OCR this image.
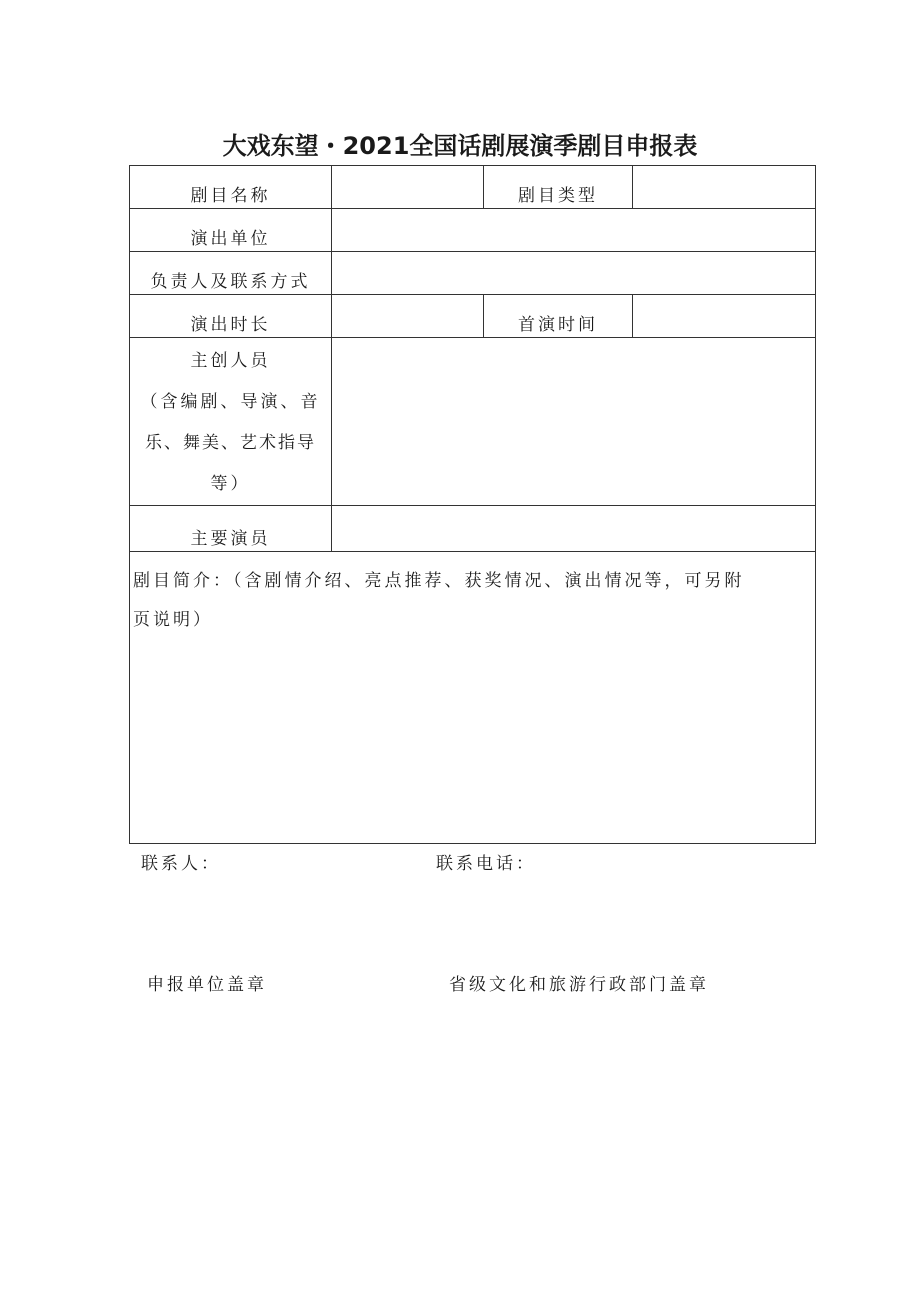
大戏东望・2021全国话剧展演季剧目申报表
剧目名称		剧目类型	
演出单位			
负责人及联系方式			
演出时长		首演时间	

主创人员
（含编剧、导演、音
乐、舞美、艺术指导
等）			

主要演员			

剧目简介：（含剧情介绍、亮点推荐、获奖情况、演出情况等，可另附
页说明）			
联系人：	联系电话：
申报单位盖章	省级文化和旅游行政部门盖章
